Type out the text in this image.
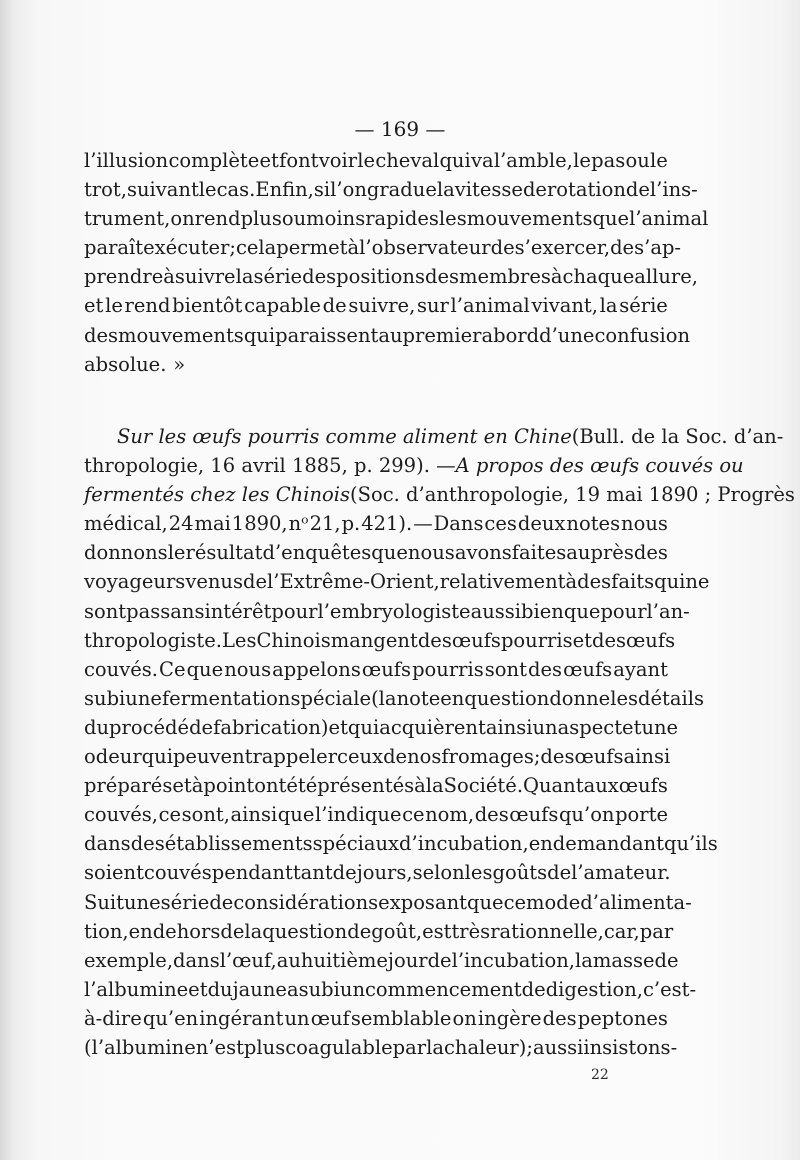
— 169 —
l’illusion complète et font voir le cheval qui va l’amble, le pas ou le
trot, suivant le cas. Enfin, si l’on gradue la vitesse de rotation de l’ins-
trument, on rend plus ou moins rapides les mouvements que l’animal
paraît exécuter; cela permet à l’observateur de s’exercer, de s’ap-
prendre à suivre la série des positions des membres à chaque allure,
et le rend bientôt capable de suivre, sur l’animal vivant, la série
des mouvements qui paraissent au premier abord d’une confusion
absolue. »
Sur les œufs pourris comme aliment en Chine (Bull. de la Soc. d’an-
thropologie, 16 avril 1885, p. 299). — A propos des œufs couvés ou
fermentés chez les Chinois (Soc. d’anthropologie, 19 mai 1890 ; Progrès
médical, 24 mai 1890, nᵒ 21, p. 421). — Dans ces deux notes nous
donnons le résultat d’enquêtes que nous avons faites auprès des
voyageurs venus de l’Extrême-Orient, relativement à des faits qui ne
sont pas sans intérêt pour l’embryologiste aussi bien que pour l’an-
thropologiste. Les Chinois mangent des œufs pourris et des œufs
couvés. Ce que nous appelons œufs pourris sont des œufs ayant
subi une fermentation spéciale (la note en question donne les détails
du procédé de fabrication) et qui acquièrent ainsi un aspect et une
odeur qui peuvent rappeler ceux de nos fromages; des œufs ainsi
préparés et à point ont été présentés à la Société. Quant aux œufs
couvés, ce sont, ainsi que l’indique ce nom, des œufs qu’on porte
dans des établissements spéciaux d’incubation, en demandant qu’ils
soient couvés pendant tant de jours, selon les goûts de l’amateur.
Suit une série de considérations exposant que ce mode d’alimenta-
tion, en dehors de la question de goût, est très rationnelle, car, par
exemple, dans l’œuf, au huitième jour de l’incubation, la masse de
l’albumine et du jaune a subi un commencement de digestion, c’est-
à-dire qu’en ingérant un œuf semblable on ingère des peptones
(l’albumine n’est plus coagulable par la chaleur); aussi insistons-
22
